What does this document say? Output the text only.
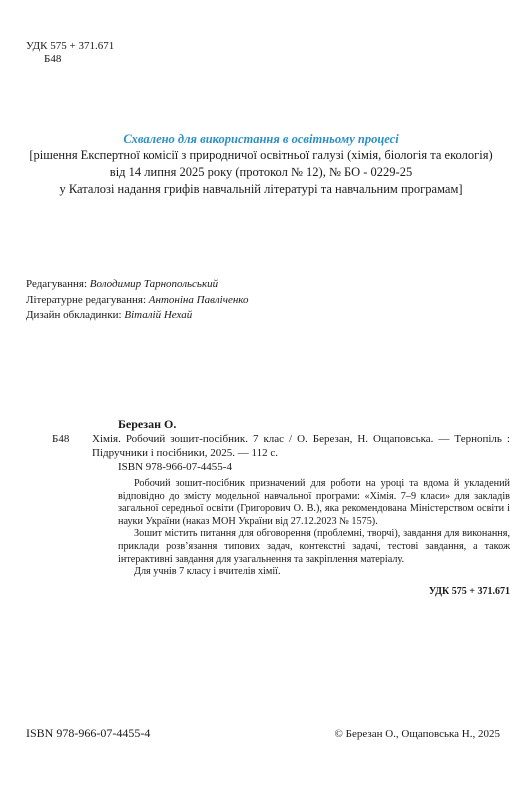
УДК 575 + 371.671
Б48
Схвалено для використання в освітньому процесі
[рішення Експертної комісії з природничої освітньої галузі (хімія, біологія та екологія)
від 14 липня 2025 року (протокол № 12), № БО - 0229-25
у Каталозі надання грифів навчальній літературі та навчальним програмам]
Редагування: Володимир Тарнопольський
Літературне редагування: Антоніна Павліченко
Дизайн обкладинки: Віталій Нехай
Березан О.
Б48	Хімія. Робочий зошит-посібник. 7 клас / О. Березан, Н. Ощаповська. — Тернопіль : Підручники і посібники, 2025. — 112 с.
ISBN 978-966-07-4455-4

Робочий зошит-посібник призначений для роботи на уроці та вдома й укладений відповідно до змісту модельної навчальної програми: «Хімія. 7–9 класи» для закладів загальної середньої освіти (Григорович О. В.), яка рекомендована Міністерством освіти і науки України (наказ МОН України від 27.12.2023 № 1575).

Зошит містить питання для обговорення (проблемні, творчі), завдання для виконання, приклади розв’язання типових задач, контекстні задачі, тестові завдання, а також інтерактивні завдання для узагальнення та закріплення матеріалу.

Для учнів 7 класу і вчителів хімії.

УДК 575 + 371.671
ISBN 978-966-07-4455-4	© Березан О., Ощаповська Н., 2025
